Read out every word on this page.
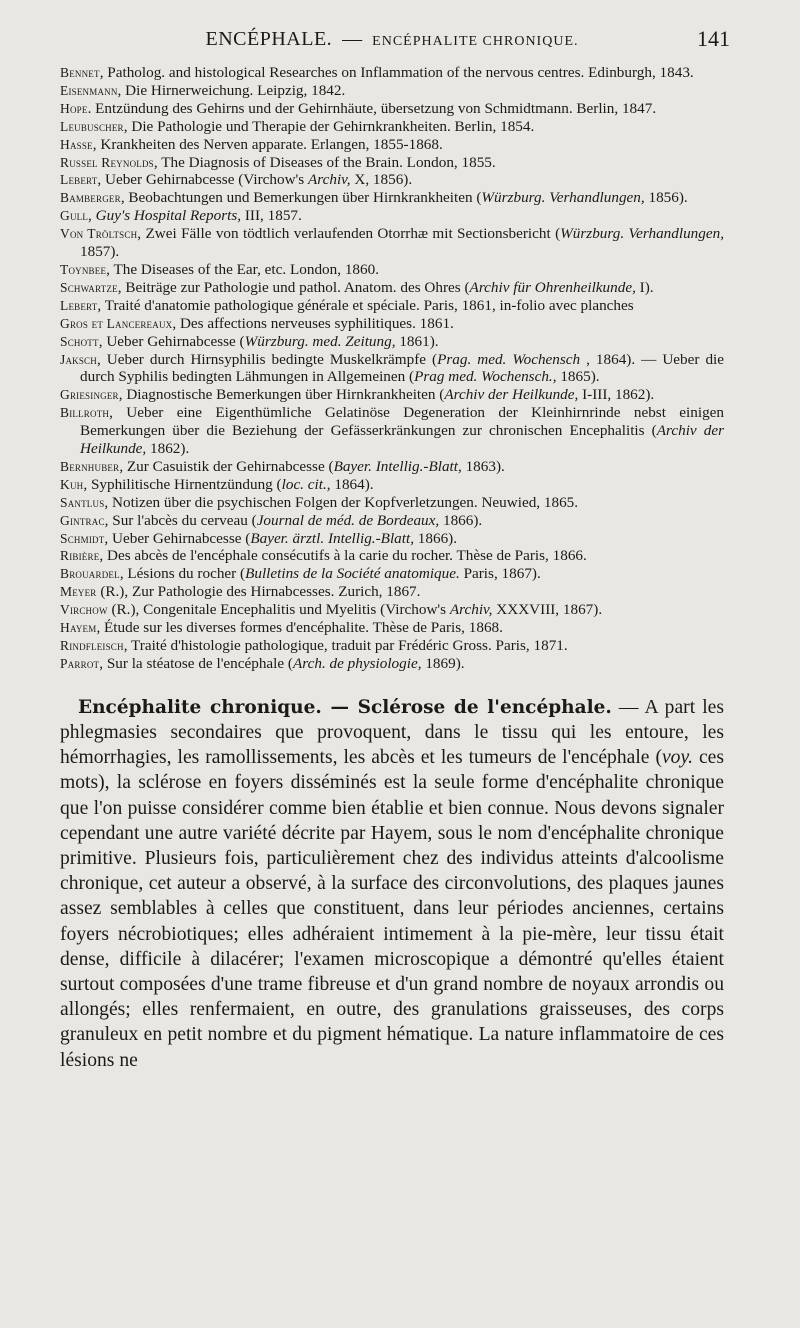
ENCÉPHALE. — ENCÉPHALITE CHRONIQUE.	141
Bennet, Patholog. and histological Researches on Inflammation of the nervous centres. Edinburgh, 1843.
Eisenmann, Die Hirnerweichung. Leipzig, 1842.
Hope. Entzündung des Gehirns und der Gehirnhäute, übersetzung von Schmidtmann. Berlin, 1847.
Leubuscher, Die Pathologie und Therapie der Gehirnkrankheiten. Berlin, 1854.
Hasse, Krankheiten des Nerven apparate. Erlangen, 1855-1868.
Russel Reynolds, The Diagnosis of Diseases of the Brain. London, 1855.
Lebert, Ueber Gehirnabcesse (Virchow's Archiv, X, 1856).
Bamberger, Beobachtungen und Bemerkungen über Hirnkrankheiten (Würzburg. Verhandlungen, 1856).
Gull, Guy's Hospital Reports, III, 1857.
Von Tröltsch, Zwei Fälle von tödtlich verlaufenden Otorrhæ mit Sectionsbericht (Würzburg. Verhandlungen, 1857).
Toynbee, The Diseases of the Ear, etc. London, 1860.
Schwartze, Beiträge zur Pathologie und pathol. Anatom. des Ohres (Archiv für Ohrenheilkunde, I).
Lebert, Traité d'anatomie pathologique générale et spéciale. Paris, 1861, in-folio avec planches
Gros et Lancereaux, Des affections nerveuses syphilitiques. 1861.
Schott, Ueber Gehirnabcesse (Würzburg. med. Zeitung, 1861).
Jaksch, Ueber durch Hirnsyphilis bedingte Muskelkrämpfe (Prag. med. Wochensch , 1864). — Ueber die durch Syphilis bedingten Lähmungen in Allgemeinen (Prag med. Wochensch., 1865).
Griesinger, Diagnostische Bemerkungen über Hirnkrankheiten (Archiv der Heilkunde, I-III, 1862).
Billroth, Ueber eine Eigenthümliche Gelatinöse Degeneration der Kleinhirnrinde nebst einigen Bemerkungen über die Beziehung der Gefässerkränkungen zur chronischen Encephalitis (Archiv der Heilkunde, 1862).
Bernhuber, Zur Casuistik der Gehirnabcesse (Bayer. Intellig.-Blatt, 1863).
Kuh, Syphilitische Hirnentzündung (loc. cit., 1864).
Santlus, Notizen über die psychischen Folgen der Kopfverletzungen. Neuwied, 1865.
Gintrac, Sur l'abcès du cerveau (Journal de méd. de Bordeaux, 1866).
Schmidt, Ueber Gehirnabcesse (Bayer. ärztl. Intellig.-Blatt, 1866).
Ribière, Des abcès de l'encéphale consécutifs à la carie du rocher. Thèse de Paris, 1866.
Brouardel, Lésions du rocher (Bulletins de la Société anatomique. Paris, 1867).
Meyer (R.), Zur Pathologie des Hirnabcesses. Zurich, 1867.
Virchow (R.), Congenitale Encephalitis und Myelitis (Virchow's Archiv, XXXVIII, 1867).
Hayem, Étude sur les diverses formes d'encéphalite. Thèse de Paris, 1868.
Rindfleisch, Traité d'histologie pathologique, traduit par Frédéric Gross. Paris, 1871.
Parrot, Sur la stéatose de l'encéphale (Arch. de physiologie, 1869).

Encéphalite chronique. — Sclérose de l'encéphale. — A part les phlegmasies secondaires que provoquent, dans le tissu qui les entoure, les hémorrhagies, les ramollissements, les abcès et les tumeurs de l'encéphale (voy. ces mots), la sclérose en foyers disséminés est la seule forme d'encéphalite chronique que l'on puisse considérer comme bien établie et bien connue. Nous devons signaler cependant une autre variété décrite par Hayem, sous le nom d'encéphalite chronique primitive. Plusieurs fois, particulièrement chez des individus atteints d'alcoolisme chronique, cet auteur a observé, à la surface des circonvolutions, des plaques jaunes assez semblables à celles que constituent, dans leur périodes anciennes, certains foyers nécrobiotiques; elles adhéraient intimement à la pie-mère, leur tissu était dense, difficile à dilacérer; l'examen microscopique a démontré qu'elles étaient surtout composées d'une trame fibreuse et d'un grand nombre de noyaux arrondis ou allongés; elles renfermaient, en outre, des granulations graisseuses, des corps granuleux en petit nombre et du pigment hématique. La nature inflammatoire de ces lésions ne
